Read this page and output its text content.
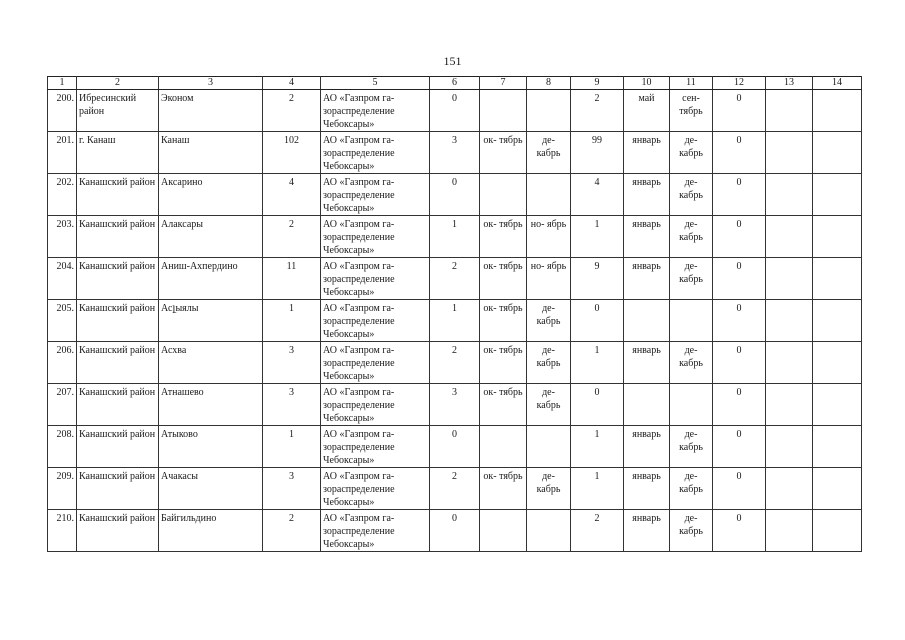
151
1	2	3	4	5	6	7	8	9	10	11	12	13	14
200.	Ибресинский район	Эконом	2	АО «Газпром га- зораспределение Чебоксары»	0			2	май	сен- тябрь	0		
201.	г. Канаш	Канаш	102	АО «Газпром га- зораспределение Чебоксары»	3	ок- тябрь	де- кабрь	99	январь	де- кабрь	0		
202.	Канашский район	Аксарино	4	АО «Газпром га- зораспределение Чебоксары»	0			4	январь	де- кабрь	0		
203.	Канашский район	Алаксары	2	АО «Газпром га- зораспределение Чебоксары»	1	ок- тябрь	но- ябрь	1	январь	де- кабрь	0		
204.	Канашский район	Аниш-Ахпердино	11	АО «Газпром га- зораспределение Чебоксары»	2	ок- тябрь	но- ябрь	9	январь	де- кабрь	0		
205.	Канашский район	Асլыялы	1	АО «Газпром га- зораспределение Чебоксары»	1	ок- тябрь	де- кабрь	0			0		
206.	Канашский район	Асхва	3	АО «Газпром га- зораспределение Чебоксары»	2	ок- тябрь	де- кабрь	1	январь	де- кабрь	0		
207.	Канашский район	Атнашево	3	АО «Газпром га- зораспределение Чебоксары»	3	ок- тябрь	де- кабрь	0			0		
208.	Канашский район	Атыково	1	АО «Газпром га- зораспределение Чебоксары»	0			1	январь	де- кабрь	0		
209.	Канашский район	Ачакасы	3	АО «Газпром га- зораспределение Чебоксары»	2	ок- тябрь	де- кабрь	1	январь	де- кабрь	0		
210.	Канашский район	Байгильдино	2	АО «Газпром га- зораспределение Чебоксары»	0			2	январь	де- кабрь	0		
